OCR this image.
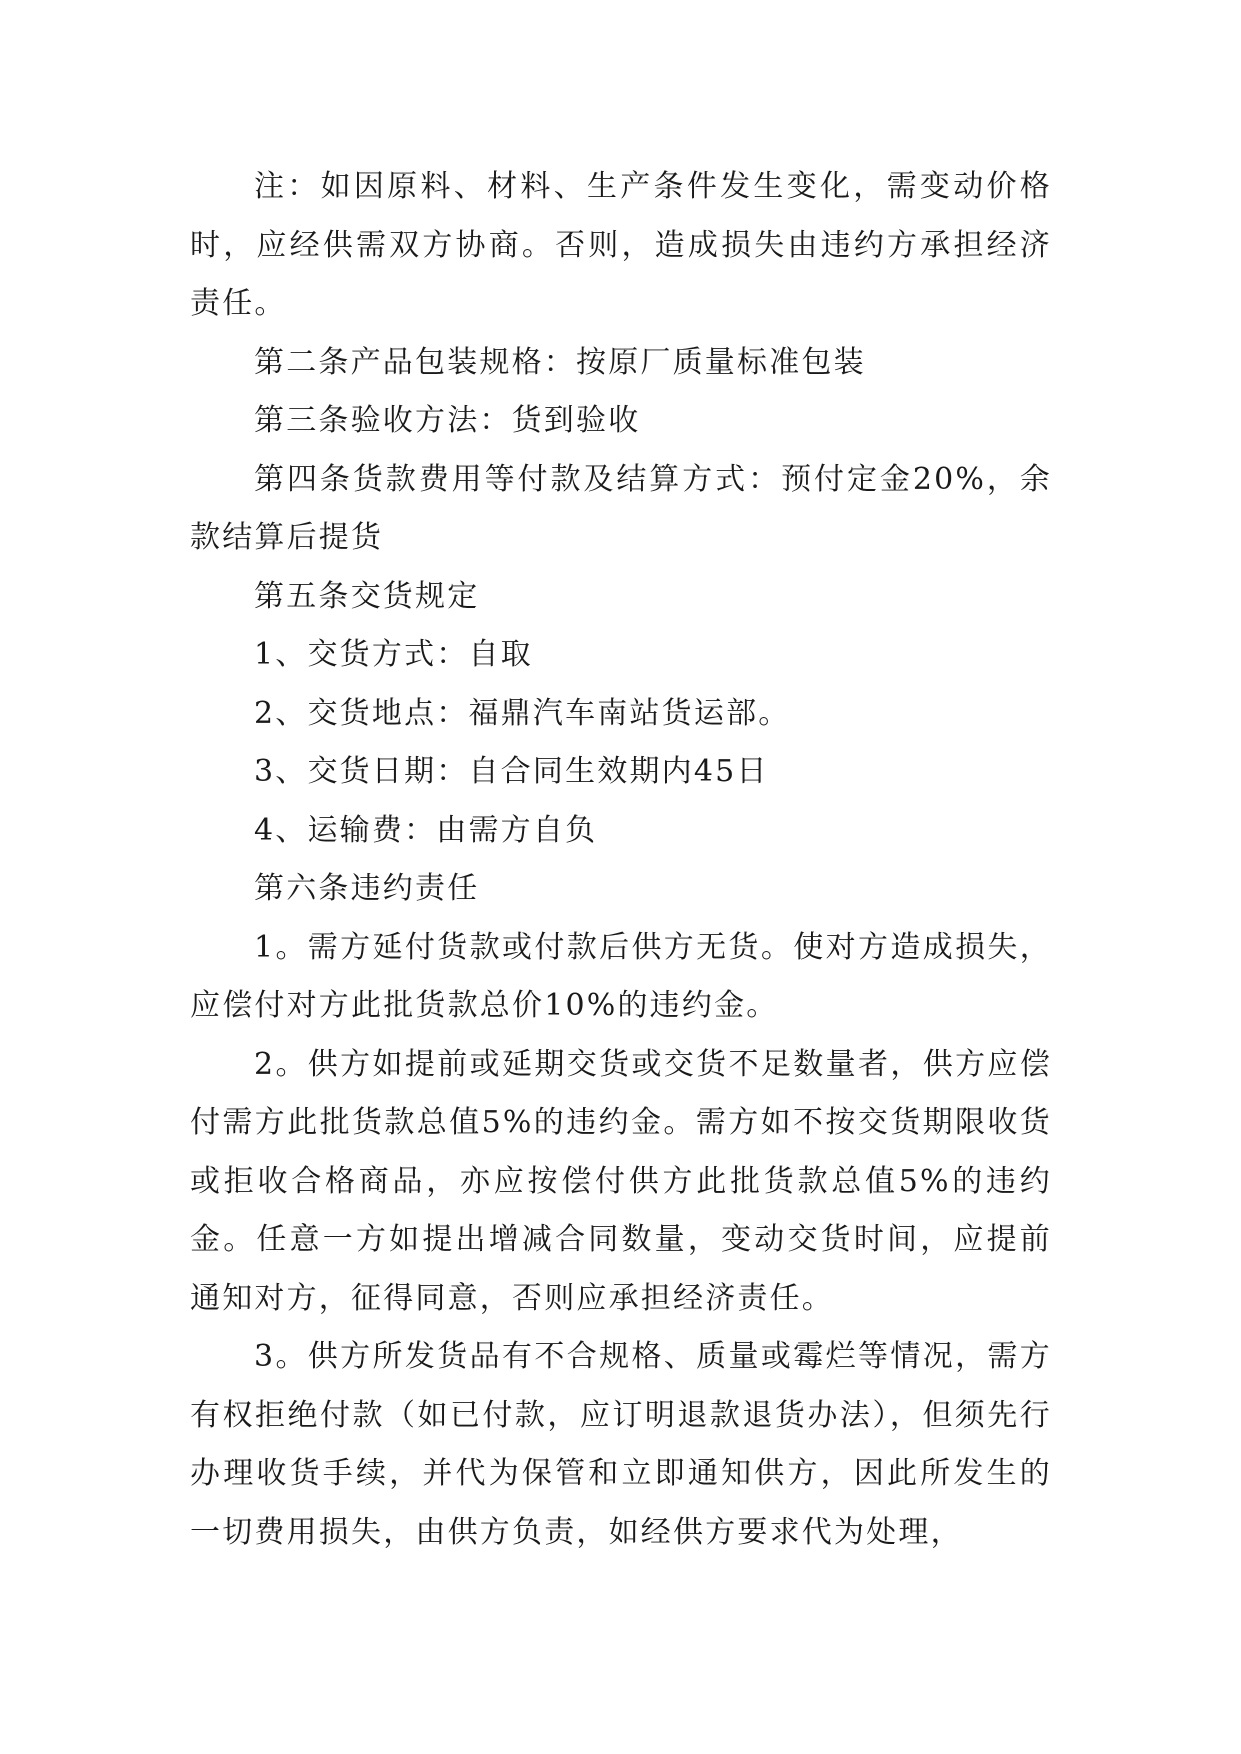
注：如因原料、材料、生产条件发生变化，需变动价格时，应经供需双方协商。否则，造成损失由违约方承担经济责任。

第二条产品包装规格：按原厂质量标准包装

第三条验收方法：货到验收

第四条货款费用等付款及结算方式：预付定金20%，余款结算后提货

第五条交货规定

1、交货方式：自取

2、交货地点：福鼎汽车南站货运部。

3、交货日期：自合同生效期内45日

4、运输费：由需方自负

第六条违约责任

1。需方延付货款或付款后供方无货。使对方造成损失，应偿付对方此批货款总价10%的违约金。

2。供方如提前或延期交货或交货不足数量者，供方应偿付需方此批货款总值5%的违约金。需方如不按交货期限收货或拒收合格商品，亦应按偿付供方此批货款总值5%的违约金。任意一方如提出增减合同数量，变动交货时间，应提前通知对方，征得同意，否则应承担经济责任。

3。供方所发货品有不合规格、质量或霉烂等情况，需方有权拒绝付款（如已付款，应订明退款退货办法），但须先行办理收货手续，并代为保管和立即通知供方，因此所发生的一切费用损失，由供方负责，如经供方要求代为处理，
